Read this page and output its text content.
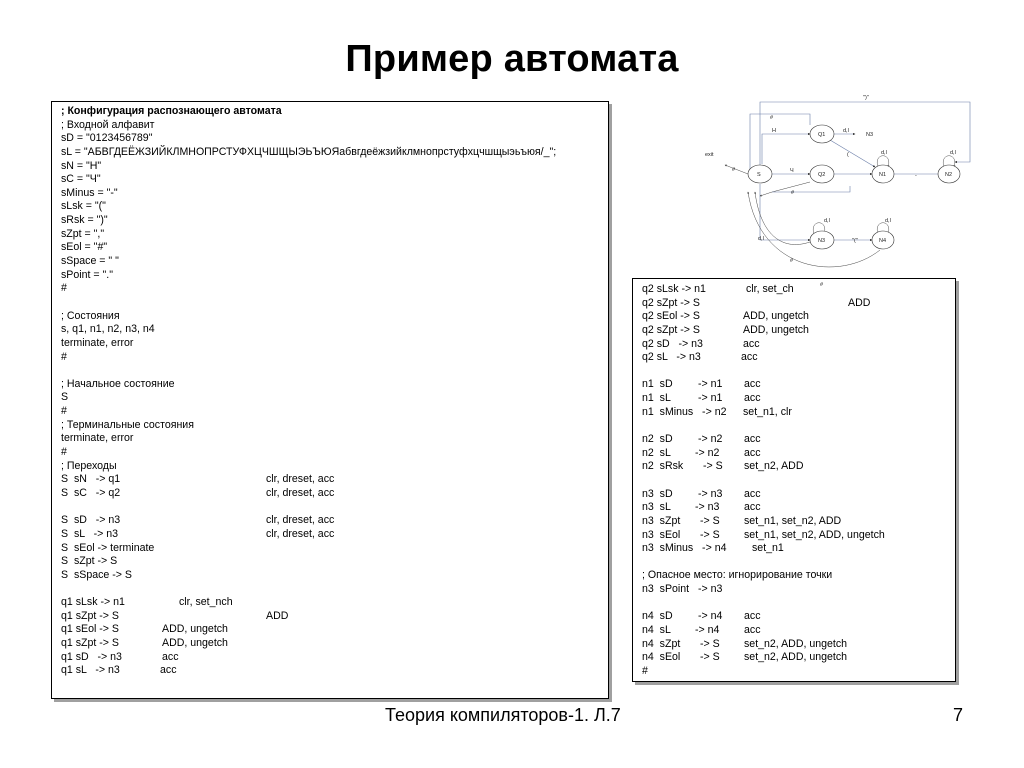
Пример автомата
; Конфигурация распознающего автомата
; Входной алфавит
sD = "0123456789"
sL = "АБВГДЕЁЖЗИЙКЛМНОПРСТУФХЦЧШЩЫЭЬЪЮЯабвгдеёжзийклмнопрстуфхцчшщыэьъюя/_";
sN = "Н"
sC = "Ч"
sMinus = "-"
sLsk = "("
sRsk = ")"
sZpt = ","
sEol = "#"
sSpace = " "
sPoint = "."
#
; Состояния
s, q1, n1, n2, n3, n4
terminate, error
#
; Начальное состояние
S
#
; Терминальные состояния
terminate, error
#
; Переходы
S  sN   -> q1	clr, dreset, acc
S  sC   -> q2	clr, dreset, acc
S  sD   -> n3	clr, dreset, acc
S  sL   -> n3	clr, dreset, acc
S  sEol -> terminate
S  sZpt -> S
S  sSpace -> S
q1 sLsk -> n1	clr, set_nch
q1 sZpt -> S	ADD
q1 sEol -> S	ADD, ungetch
q1 sZpt -> S	ADD, ungetch
q1 sD   -> n3	acc
q1 sL   -> n3	acc
q2 sLsk -> n1	clr, set_ch
q2 sZpt -> S	ADD
q2 sEol -> S	ADD, ungetch
q2 sZpt -> S	ADD, ungetch
q2 sD   -> n3	acc
q2 sL   -> n3	acc
n1  sD -> n1 acc
n1  sL	-> n1 acc
n1  sMinus   -> n2 set_n1, clr
n2  sD -> n2 acc
n2  sL -> n2 acc
n2  sRsk -> S set_n2, ADD
n3  sD -> n3 acc
n3  sL -> n3 acc
n3  sZpt -> S set_n1, set_n2, ADD
n3  sEol -> S set_n1, set_n2, ADD, ungetch
n3  sMinus   -> n4 set_n1
; Опасное место: игнорирование точки
n3  sPoint   -> n3
n4  sD -> n4 acc
n4  sL -> n4 acc
n4  sZpt -> S set_n2, ADD, ungetch
n4  sEol -> S set_n2, ADD, ungetch
#
S
Q1
Q2	N1	N2
N3	N4
")"
exit
Н
Ч
d,l
N3
(	d,l	d,l
d,l
d,l	d,l
-
"("
#
#
#
#
#
Теория компиляторов-1. Л.7	7
